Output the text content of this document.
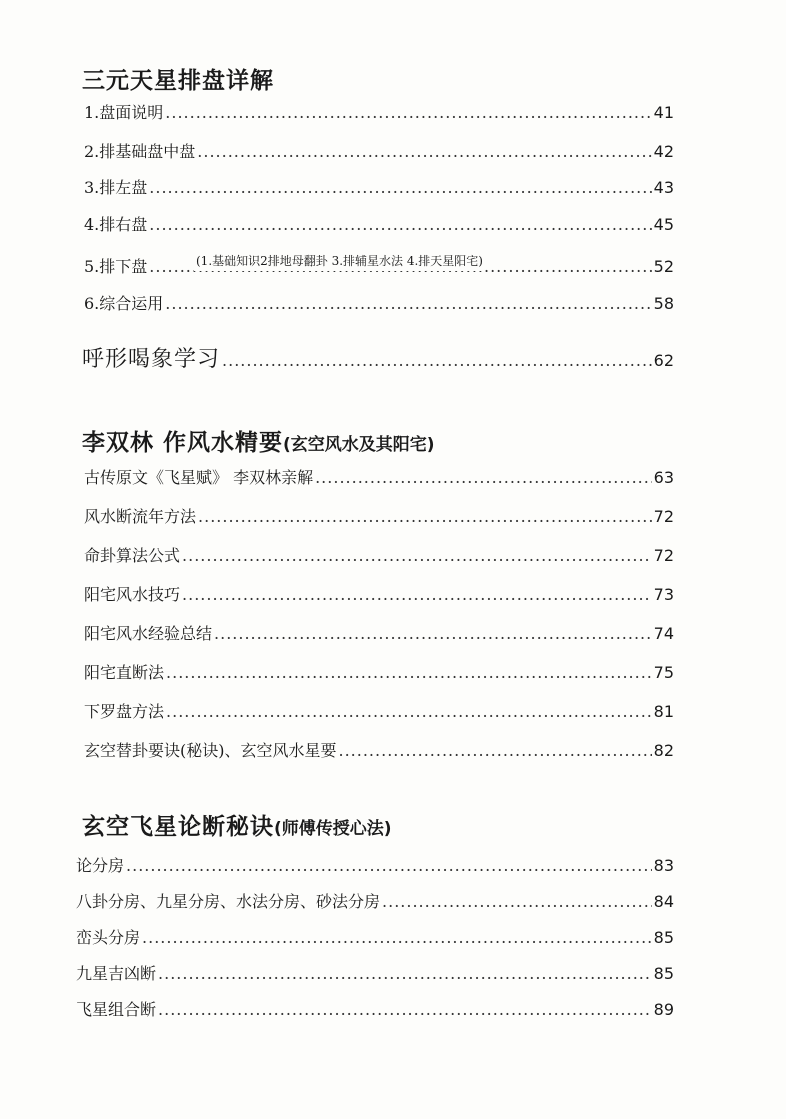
三元天星排盘详解
1.盘面说明 .....	41
2.排基础盘中盘 .....	42
3.排左盘 .....	43
4.排右盘 .....	45
5.排下盘 .....	52
(1.基础知识2排地母翻卦 3.排辅星水法 4.排天星阳宅)
6.综合运用 .....	58
呼形喝象学习 .....	62
李双林 作风水精要(玄空风水及其阳宅)
古传原文《飞星赋》 李双林亲解 .....	63
风水断流年方法 .....	72
命卦算法公式 .....	72
阳宅风水技巧 .....	73
阳宅风水经验总结 .....	74
阳宅直断法 .....	75
下罗盘方法 .....	81
玄空替卦要诀(秘诀)、玄空风水星要 .....	82
玄空飞星论断秘诀(师傅传授心法)
论分房 .....	83
八卦分房、九星分房、水法分房、砂法分房 .....	84
峦头分房 .....	85
九星吉凶断 .....	85
飞星组合断 .....	89
